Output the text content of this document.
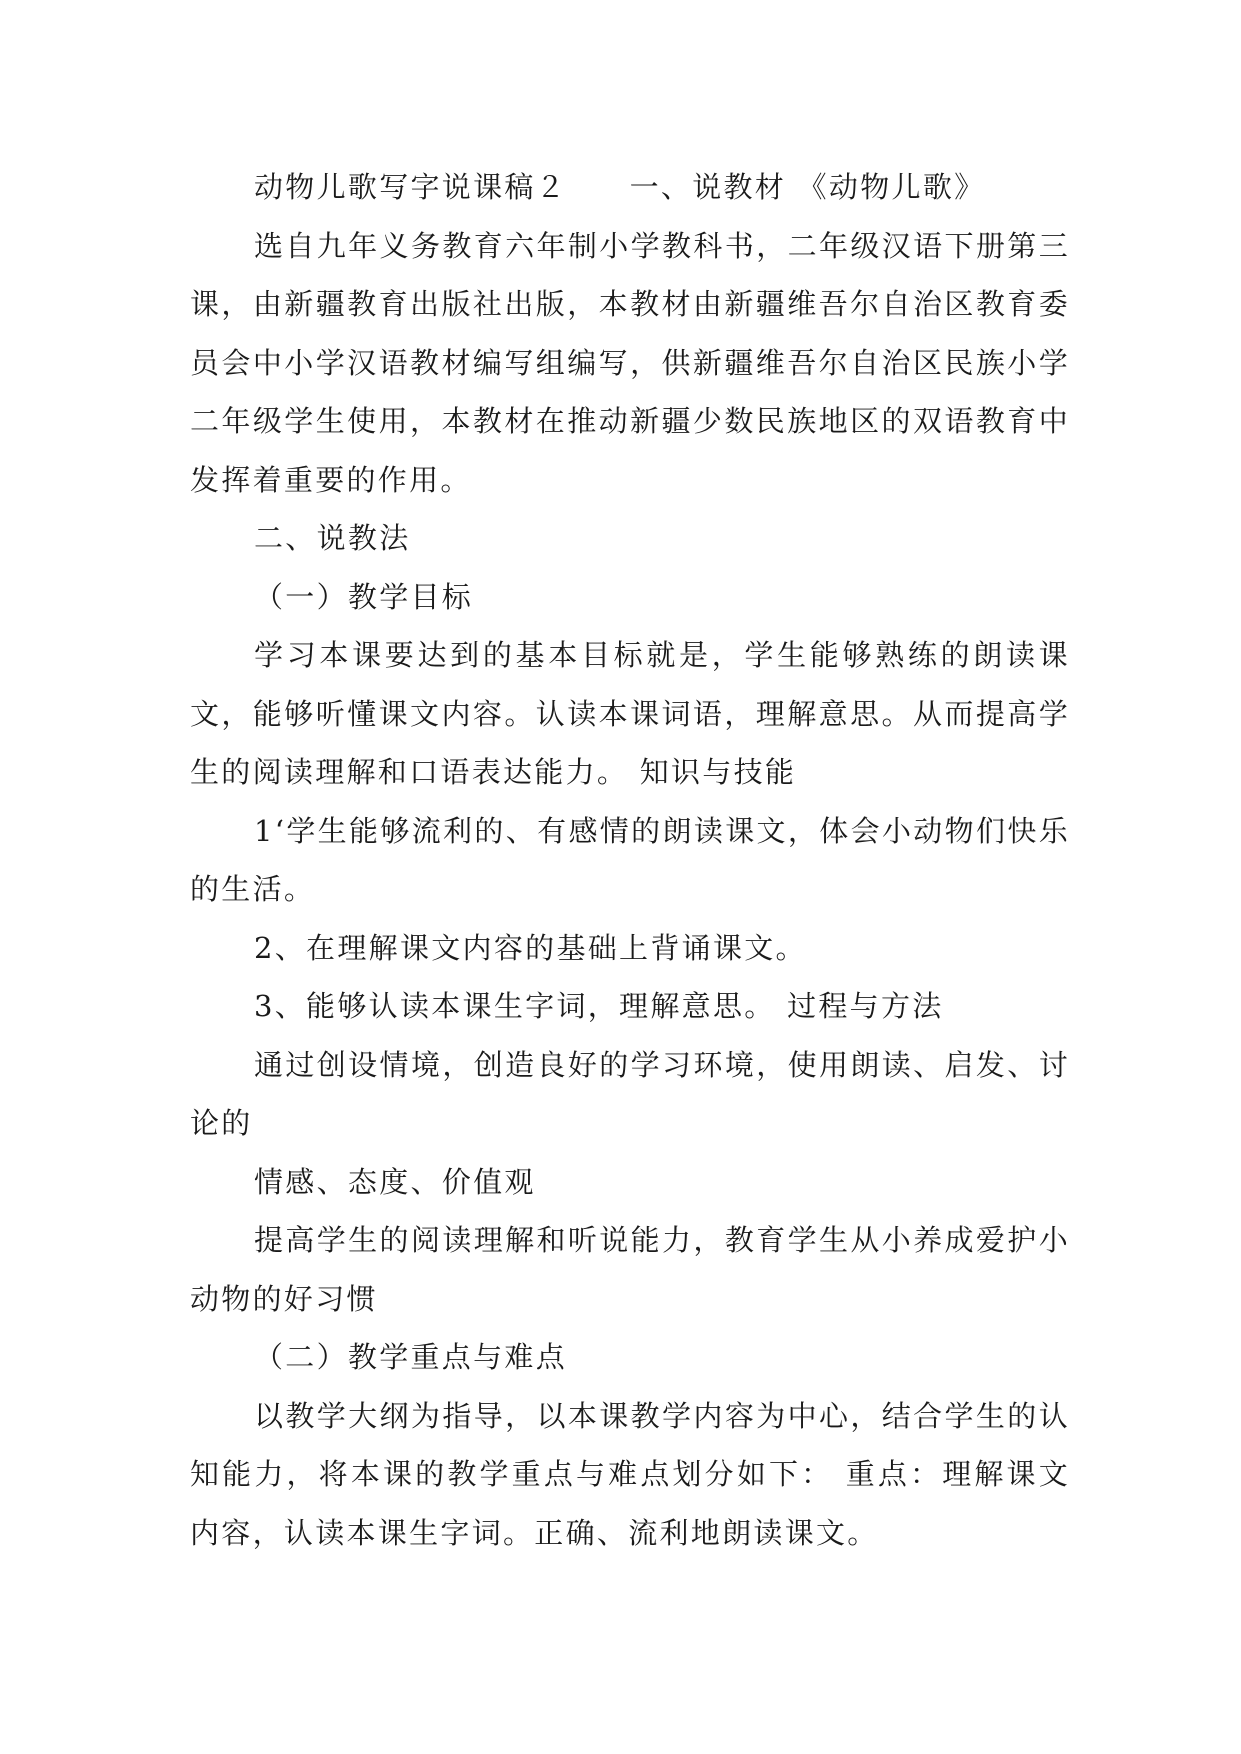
动物儿歌写字说课稿２　　一、说教材 《动物儿歌》

选自九年义务教育六年制小学教科书，二年级汉语下册第三课，由新疆教育出版社出版，本教材由新疆维吾尔自治区教育委员会中小学汉语教材编写组编写，供新疆维吾尔自治区民族小学二年级学生使用，本教材在推动新疆少数民族地区的双语教育中发挥着重要的作用。

二、说教法

（一）教学目标

学习本课要达到的基本目标就是，学生能够熟练的朗读课文，能够听懂课文内容。认读本课词语，理解意思。从而提高学生的阅读理解和口语表达能力。 知识与技能

1‘学生能够流利的、有感情的朗读课文，体会小动物们快乐的生活。

2、在理解课文内容的基础上背诵课文。

3、能够认读本课生字词，理解意思。 过程与方法

通过创设情境，创造良好的学习环境，使用朗读、启发、讨论的

情感、态度、价值观

提高学生的阅读理解和听说能力，教育学生从小养成爱护小动物的好习惯

（二）教学重点与难点

以教学大纲为指导，以本课教学内容为中心，结合学生的认知能力，将本课的教学重点与难点划分如下： 重点：理解课文内容，认读本课生字词。正确、流利地朗读课文。
